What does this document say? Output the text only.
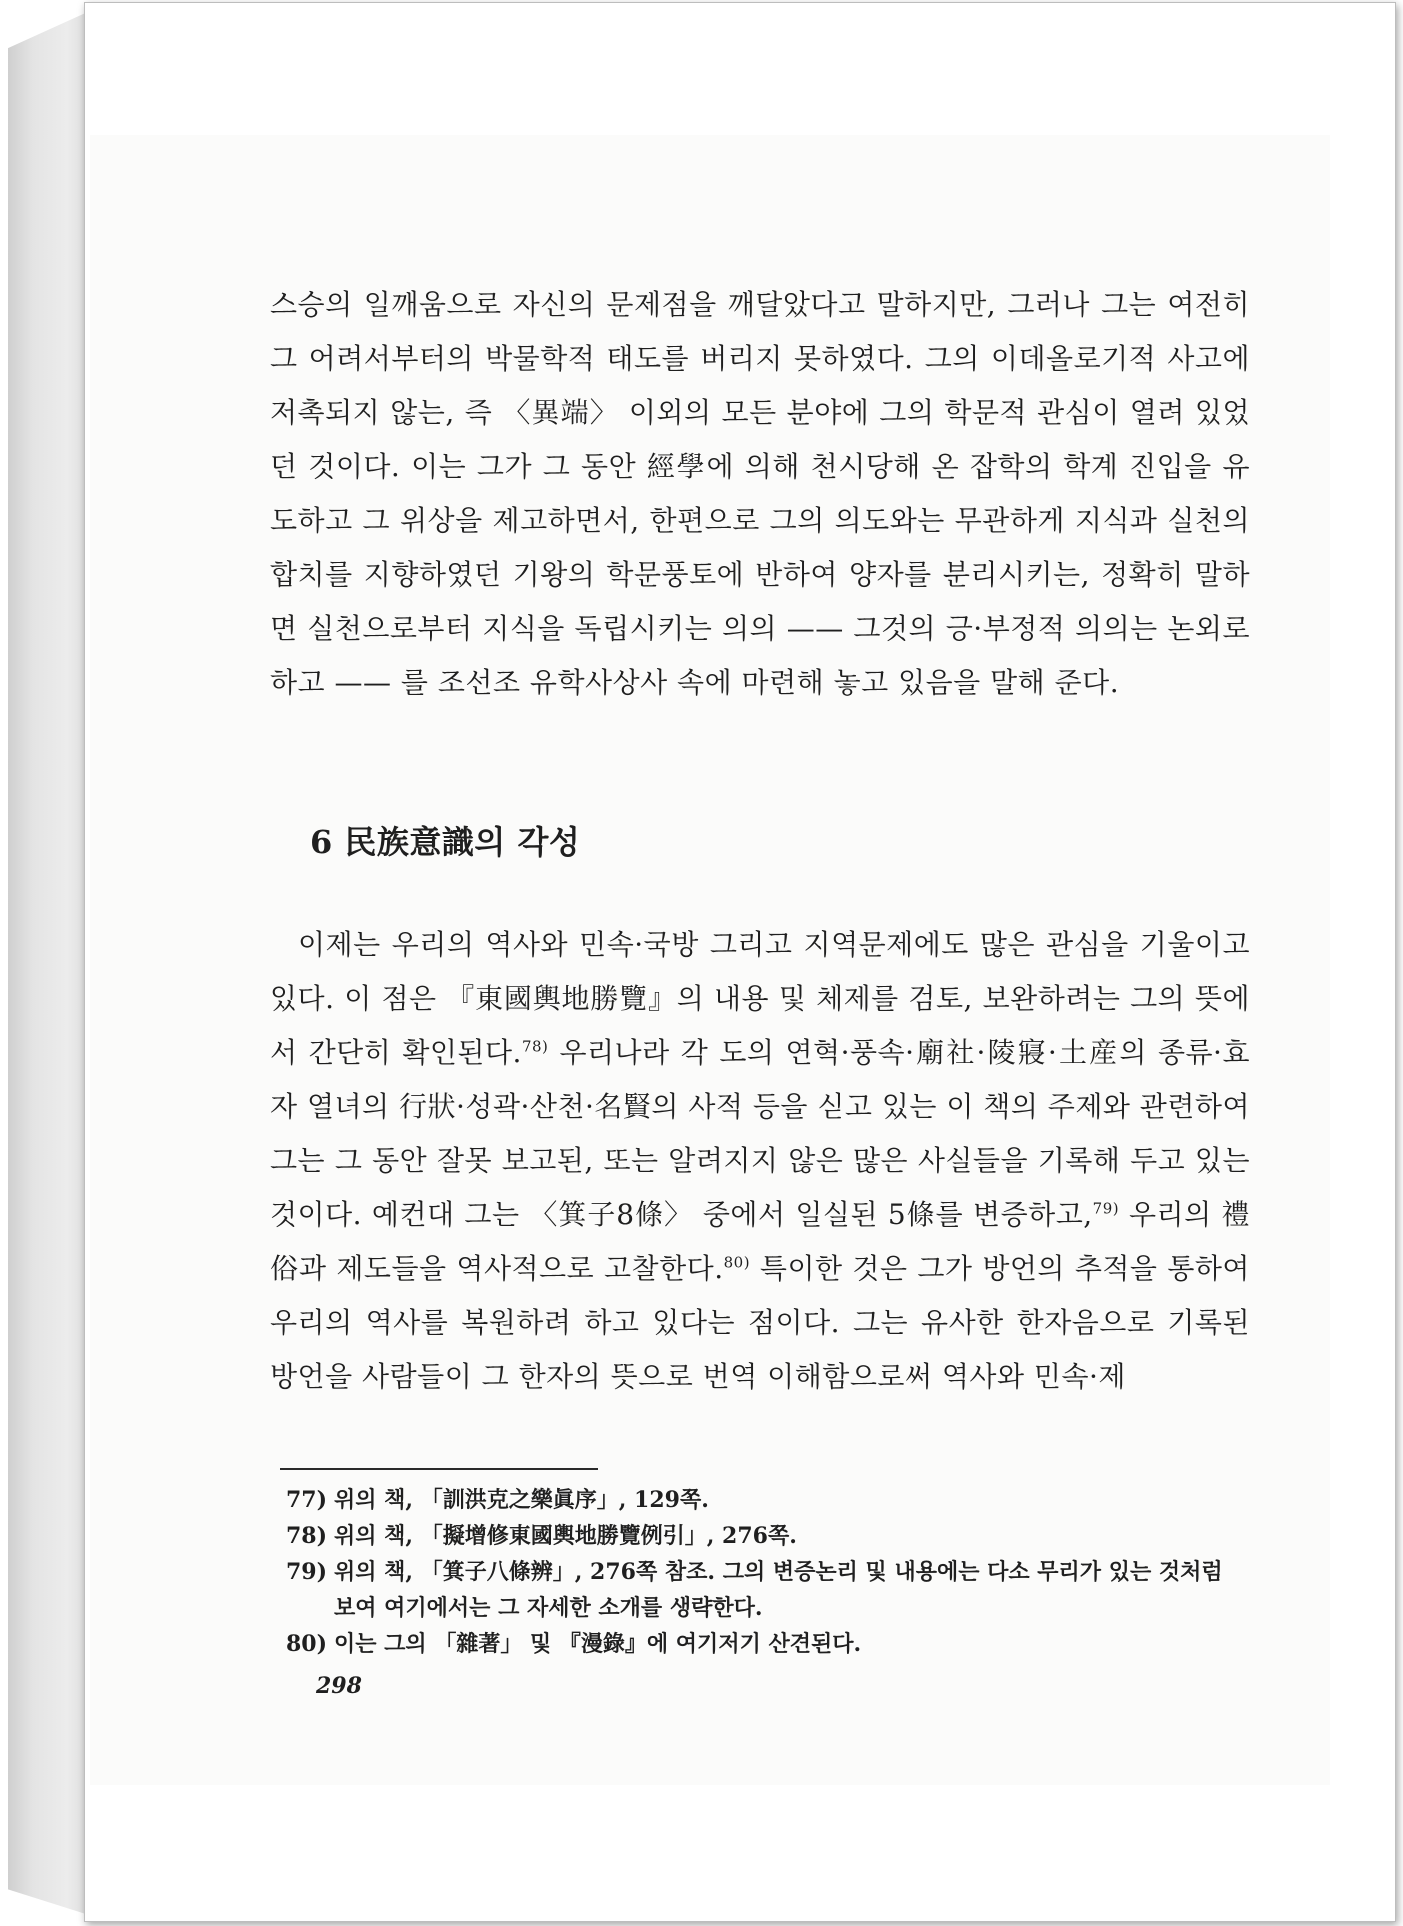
스승의 일깨움으로 자신의 문제점을 깨달았다고 말하지만, 그러나 그는 여전히 그 어려서부터의 박물학적 태도를 버리지 못하였다. 그의 이데올로기적 사고에 저촉되지 않는, 즉 〈異端〉 이외의 모든 분야에 그의 학문적 관심이 열려 있었던 것이다. 이는 그가 그 동안 經學에 의해 천시당해 온 잡학의 학계 진입을 유도하고 그 위상을 제고하면서, 한편으로 그의 의도와는 무관하게 지식과 실천의 합치를 지향하였던 기왕의 학문풍토에 반하여 양자를 분리시키는, 정확히 말하면 실천으로부터 지식을 독립시키는 의의 —— 그것의 긍·부정적 의의는 논외로 하고 —— 를 조선조 유학사상사 속에 마련해 놓고 있음을 말해 준다.

6 民族意識의 각성

이제는 우리의 역사와 민속·국방 그리고 지역문제에도 많은 관심을 기울이고 있다. 이 점은 『東國輿地勝覽』의 내용 및 체제를 검토, 보완하려는 그의 뜻에서 간단히 확인된다.$^{78)}$ 우리나라 각 도의 연혁·풍속·廟社·陵寢·土産의 종류·효자 열녀의 行狀·성곽·산천·名賢의 사적 등을 싣고 있는 이 책의 주제와 관련하여 그는 그 동안 잘못 보고된, 또는 알려지지 않은 많은 사실들을 기록해 두고 있는 것이다. 예컨대 그는 〈箕子8條〉 중에서 일실된 5條를 변증하고,$^{79)}$ 우리의 禮俗과 제도들을 역사적으로 고찰한다.$^{80)}$ 특이한 것은 그가 방언의 추적을 통하여 우리의 역사를 복원하려 하고 있다는 점이다. 그는 유사한 한자음으로 기록된 방언을 사람들이 그 한자의 뜻으로 번역 이해함으로써 역사와 민속·제

77) 위의 책, 「訓洪克之樂眞序」, 129쪽.
78) 위의 책, 「擬增修東國輿地勝覽例引」, 276쪽.
79) 위의 책, 「箕子八條辨」, 276쪽 참조. 그의 변증논리 및 내용에는 다소 무리가 있는 것처럼 보여 여기에서는 그 자세한 소개를 생략한다.
80) 이는 그의 「雜著」 및 『漫錄』에 여기저기 산견된다.
298
